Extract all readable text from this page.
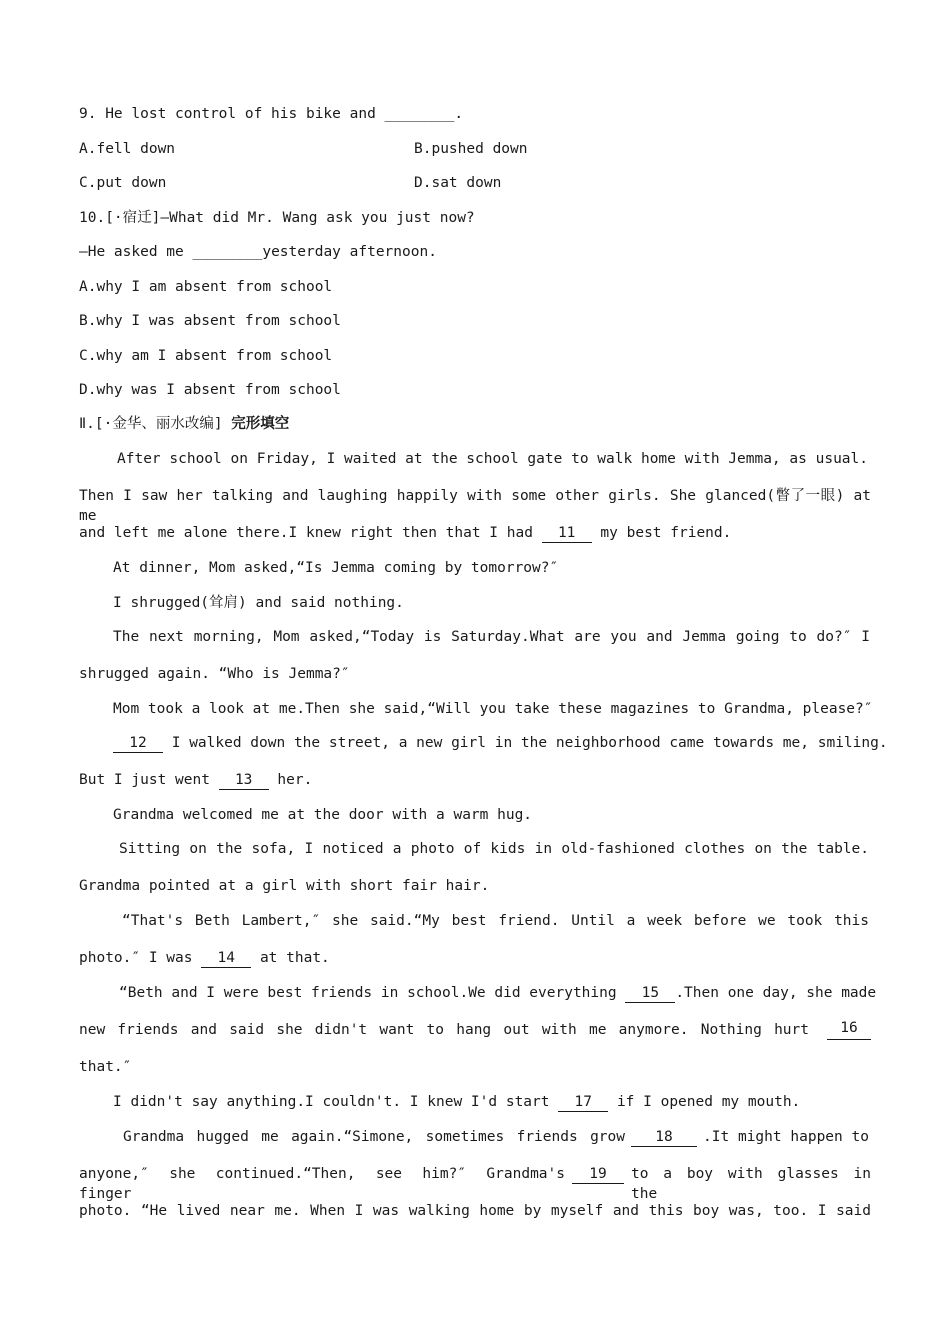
9. He lost control of his bike and ________.
A.fell down	B.pushed down
C.put down	D.sat down
10.[·宿迁]—What did Mr. Wang ask you just now?
—He asked me ________yesterday afternoon.
A.why I am absent from school
B.why I was absent from school
C.why am I absent from school
D.why was I absent from school
Ⅱ.[·金华、丽水改编] 完形填空
After school on Friday, I waited at the school gate to walk home with Jemma, as usual.
Then I saw her talking and laughing happily with some other girls. She glanced(瞥了一眼) at me
and left me alone there.I knew right then that I had 11 my best friend.
At dinner, Mom asked,“Is Jemma coming by tomorrow?″
I shrugged(耸肩) and said nothing.
The next morning, Mom asked,“Today is Saturday.What are you and Jemma going to do?″ I
shrugged again. “Who is Jemma?″
Mom took a look at me.Then she said,“Will you take these magazines to Grandma, please?″
12 I walked down the street, a new girl in the neighborhood came towards me, smiling.
But I just went 13 her.
Grandma welcomed me at the door with a warm hug.
Sitting on the sofa, I noticed a photo of kids in old-fashioned clothes on the table.
Grandma pointed at a girl with short fair hair.
“That's Beth Lambert,″ she said.“My best friend. Until a week before we took this
photo.″ I was 14 at that.
“Beth and I were best friends in school.We did everything 15 .Then one day, she made
new friends and said she didn't want to hang out with me anymore. Nothing hurt	16
that.″
I didn't say anything.I couldn't. I knew I'd start 17 if I opened my mouth.
Grandma hugged me again.“Simone, sometimes friends grow	18	.It might happen to
anyone,″ she continued.“Then, see him?″ Grandma's finger
19	to a boy with glasses in the
photo. “He lived near me. When I was walking home by myself and this boy was, too. I said
